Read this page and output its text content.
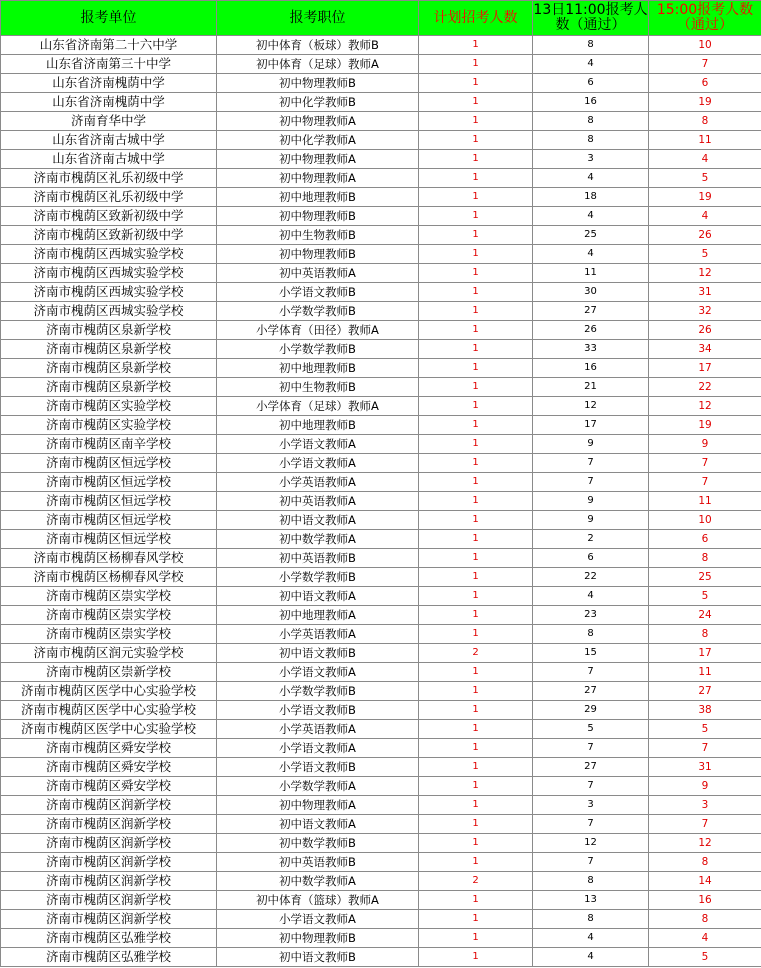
报考单位	报考职位	计划招考人数	13日11:00报考人数（通过）	15:00报考人数（通过）
山东省济南第二十六中学	初中体育（板球）教师B	1	8	10
山东省济南第三十中学	初中体育（足球）教师A	1	4	7
山东省济南槐荫中学	初中物理教师B	1	6	6
山东省济南槐荫中学	初中化学教师B	1	16	19
济南育华中学	初中物理教师A	1	8	8
山东省济南古城中学	初中化学教师A	1	8	11
山东省济南古城中学	初中物理教师A	1	3	4
济南市槐荫区礼乐初级中学	初中物理教师A	1	4	5
济南市槐荫区礼乐初级中学	初中地理教师B	1	18	19
济南市槐荫区致新初级中学	初中物理教师B	1	4	4
济南市槐荫区致新初级中学	初中生物教师B	1	25	26
济南市槐荫区西城实验学校	初中物理教师B	1	4	5
济南市槐荫区西城实验学校	初中英语教师A	1	11	12
济南市槐荫区西城实验学校	小学语文教师B	1	30	31
济南市槐荫区西城实验学校	小学数学教师B	1	27	32
济南市槐荫区泉新学校	小学体育（田径）教师A	1	26	26
济南市槐荫区泉新学校	小学数学教师B	1	33	34
济南市槐荫区泉新学校	初中地理教师B	1	16	17
济南市槐荫区泉新学校	初中生物教师B	1	21	22
济南市槐荫区实验学校	小学体育（足球）教师A	1	12	12
济南市槐荫区实验学校	初中地理教师B	1	17	19
济南市槐荫区南辛学校	小学语文教师A	1	9	9
济南市槐荫区恒远学校	小学语文教师A	1	7	7
济南市槐荫区恒远学校	小学英语教师A	1	7	7
济南市槐荫区恒远学校	初中英语教师A	1	9	11
济南市槐荫区恒远学校	初中语文教师A	1	9	10
济南市槐荫区恒远学校	初中数学教师A	1	2	6
济南市槐荫区杨柳春风学校	初中英语教师B	1	6	8
济南市槐荫区杨柳春风学校	小学数学教师B	1	22	25
济南市槐荫区崇实学校	初中语文教师A	1	4	5
济南市槐荫区崇实学校	初中地理教师A	1	23	24
济南市槐荫区崇实学校	小学英语教师A	1	8	8
济南市槐荫区润元实验学校	初中语文教师B	2	15	17
济南市槐荫区崇新学校	小学语文教师A	1	7	11
济南市槐荫区医学中心实验学校	小学数学教师B	1	27	27
济南市槐荫区医学中心实验学校	小学语文教师B	1	29	38
济南市槐荫区医学中心实验学校	小学英语教师A	1	5	5
济南市槐荫区舜安学校	小学语文教师A	1	7	7
济南市槐荫区舜安学校	小学语文教师B	1	27	31
济南市槐荫区舜安学校	小学数学教师A	1	7	9
济南市槐荫区润新学校	初中物理教师A	1	3	3
济南市槐荫区润新学校	初中语文教师A	1	7	7
济南市槐荫区润新学校	初中数学教师B	1	12	12
济南市槐荫区润新学校	初中英语教师B	1	7	8
济南市槐荫区润新学校	初中数学教师A	2	8	14
济南市槐荫区润新学校	初中体育（篮球）教师A	1	13	16
济南市槐荫区润新学校	小学语文教师A	1	8	8
济南市槐荫区弘雅学校	初中物理教师B	1	4	4
济南市槐荫区弘雅学校	初中语文教师B	1	4	5
